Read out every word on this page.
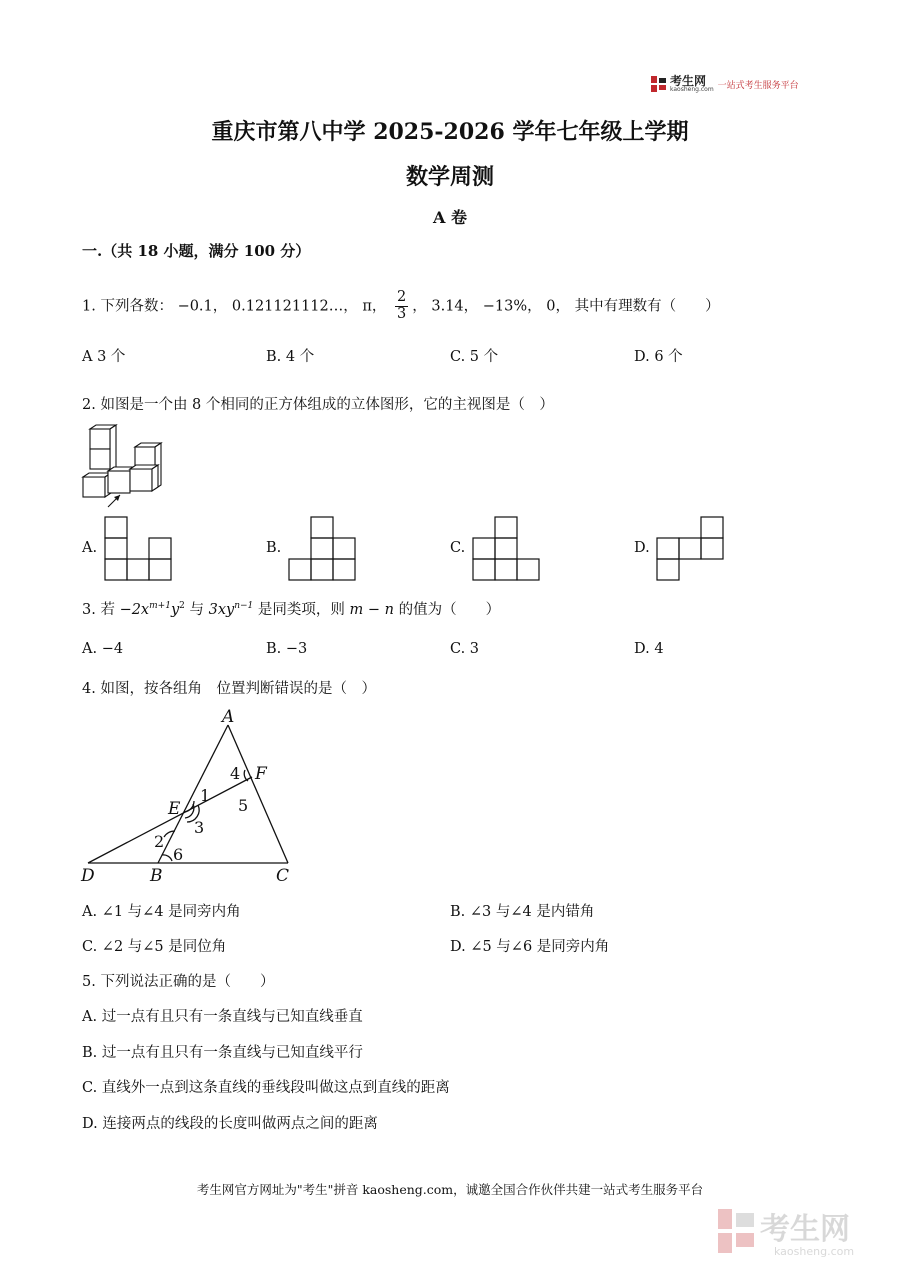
考生网
kaosheng.com 一站式考生服务平台
重庆市第八中学 2025-2026 学年七年级上学期
数学周测
A 卷
一.（共 18 小题，满分 100 分）
1. 下列各数： −0.1， 0.121121112…， π， $\frac{2}{3}$ ， 3.14， −13%， 0， 其中有理数有（　　）
A 3 个	B. 4 个	C. 5 个	D. 6 个
2. 如图是一个由 8 个相同的正方体组成的立体图形，它的主视图是（　）
A.	B.	C.	D.
3. 若 $-2x^{m+1}y^2$ 与 $3xy^{n-1}$ 是同类项，则 m − n 的值为（　　）
A. −4	B. −3	C. 3	D. 4
4. 如图，按各组角　位置判断错误的是（　）
A
F
E
D	B	C
4
1
5
3
2
6
A. ∠1 与∠4 是同旁内角	B. ∠3 与∠4 是内错角
C. ∠2 与∠5 是同位角	D. ∠5 与∠6 是同旁内角
5. 下列说法正确的是（　　）
A. 过一点有且只有一条直线与已知直线垂直
B. 过一点有且只有一条直线与已知直线平行
C. 直线外一点到这条直线的垂线段叫做这点到直线的距离
D. 连接两点的线段的长度叫做两点之间的距离
考生网官方网址为"考生"拼音 kaosheng.com，诚邀全国合作伙伴共建一站式考生服务平台
考生网
kaosheng.com
